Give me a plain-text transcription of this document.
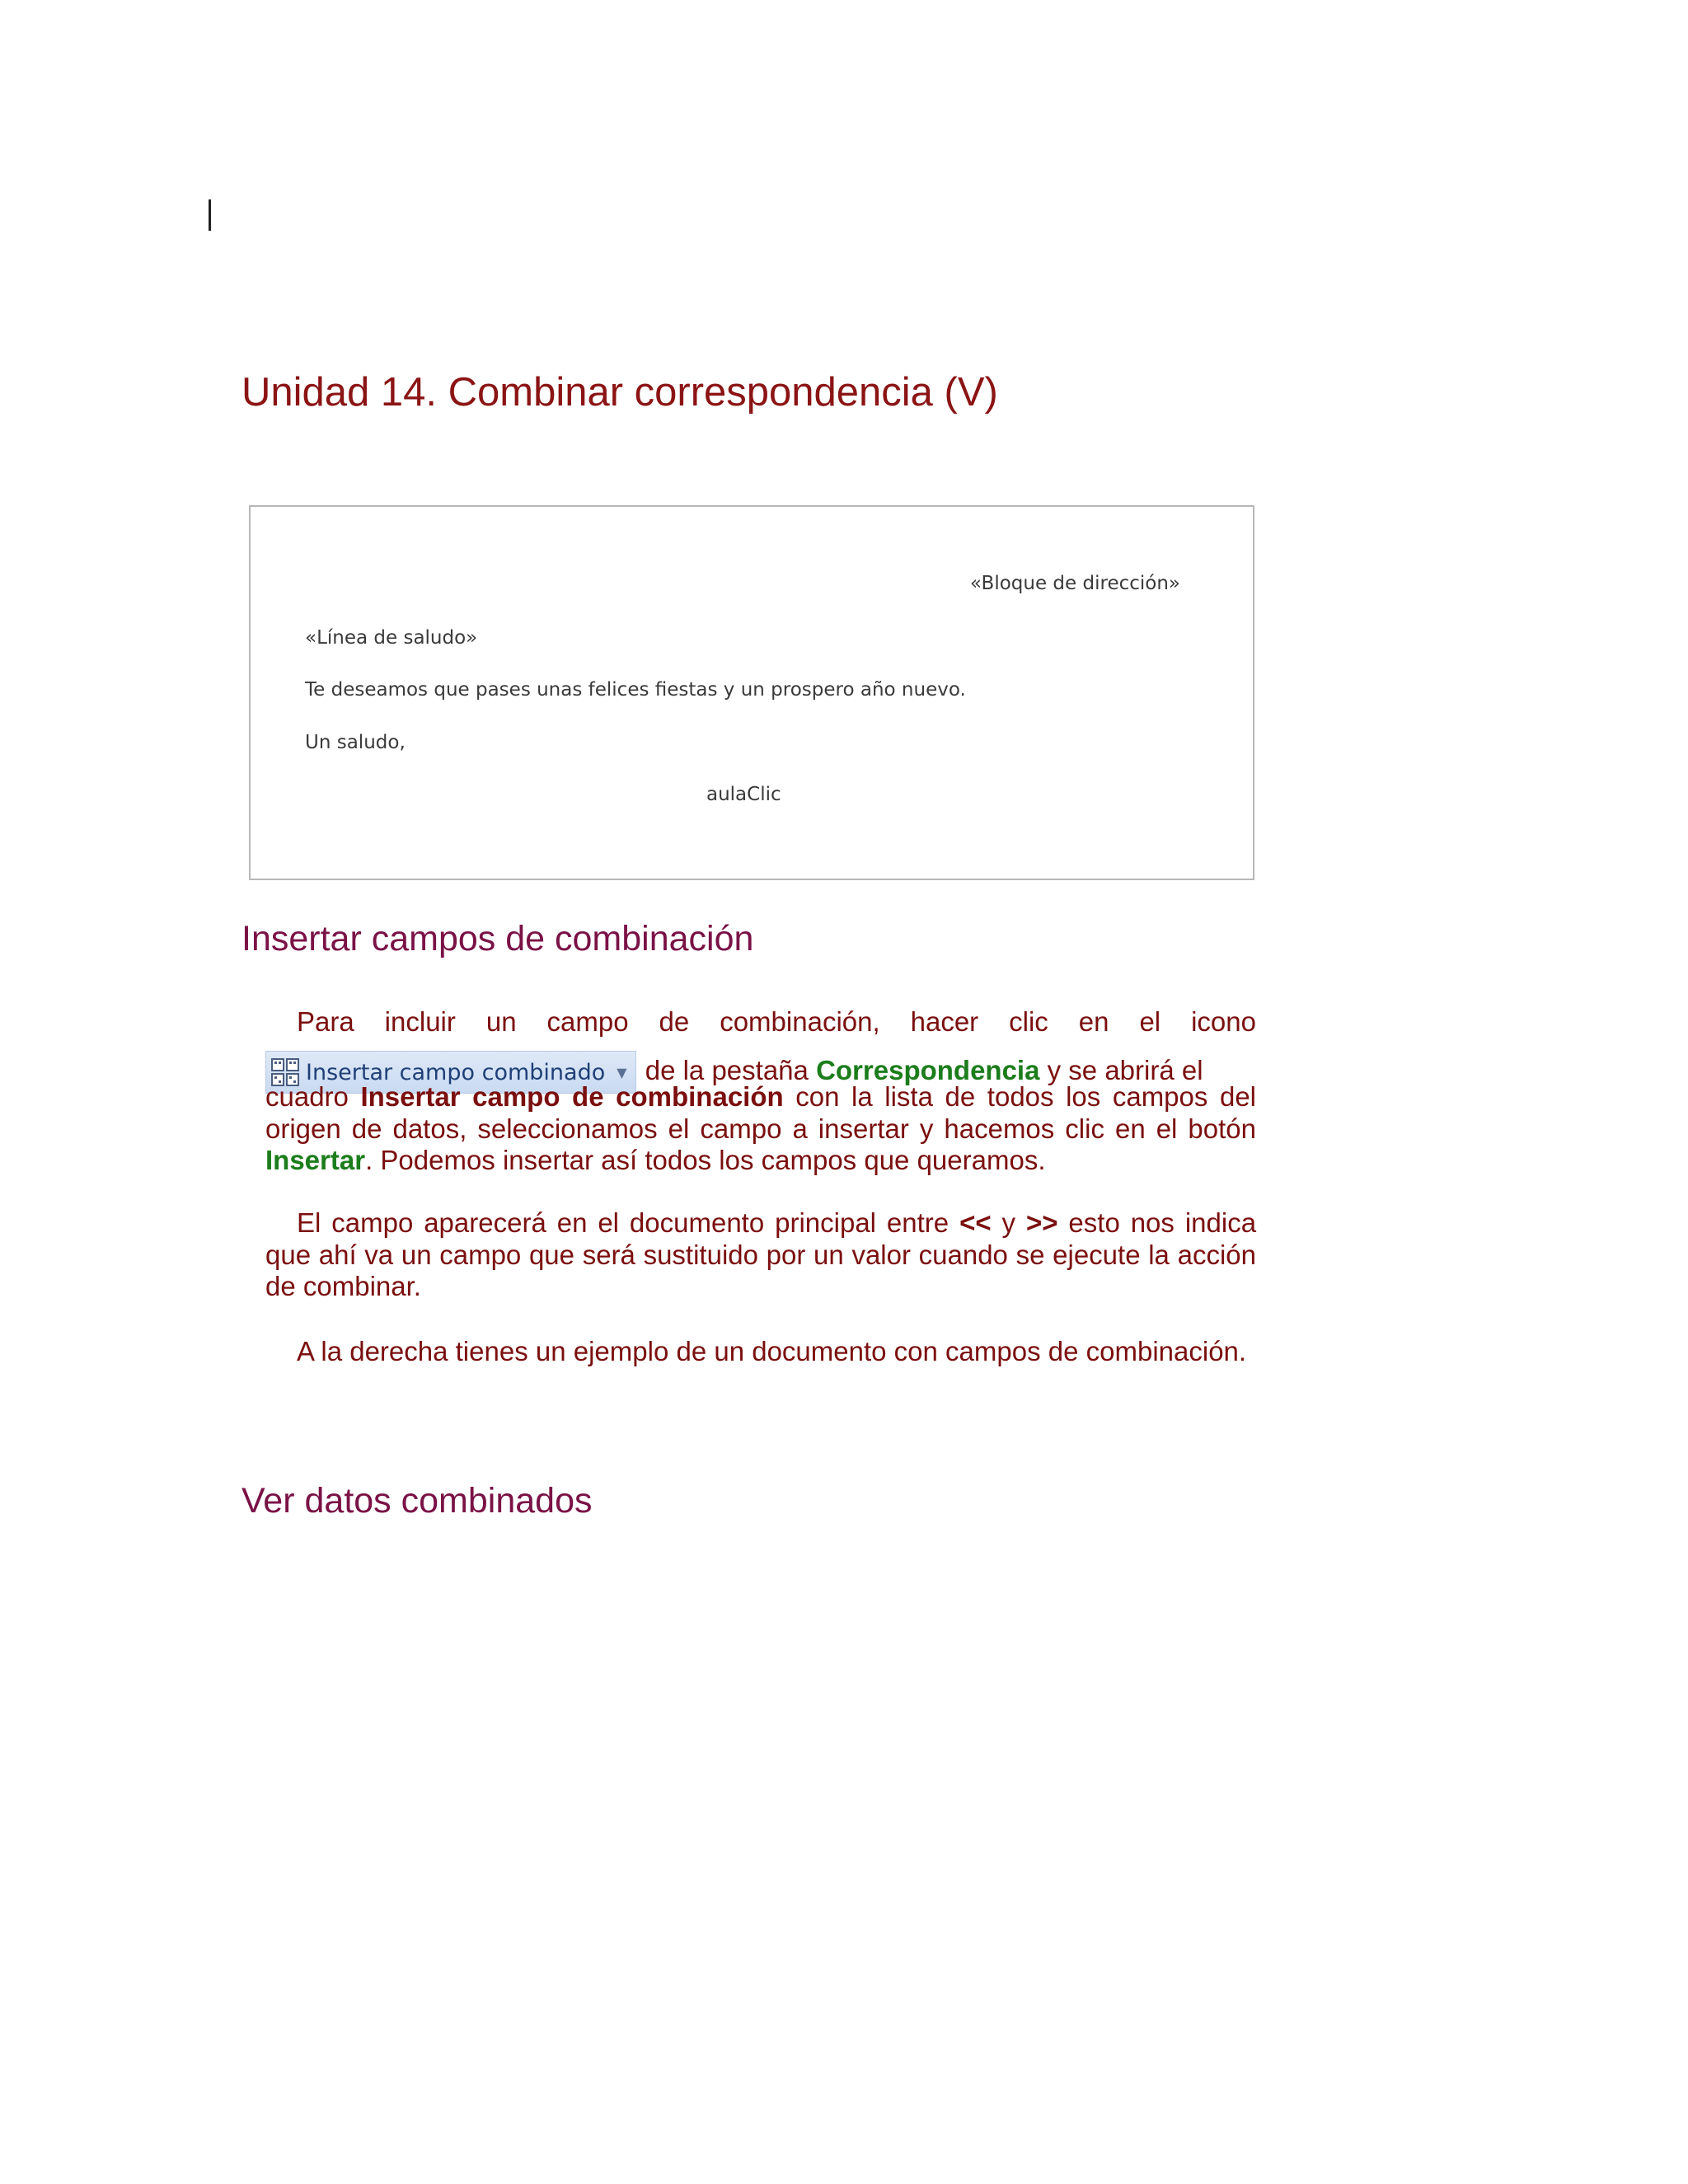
Unidad 14. Combinar correspondencia (V)
«Bloque de dirección»
«Línea de saludo»
Te deseamos que pases unas felices fiestas y un prospero año nuevo.
Un saludo,
aulaClic
Insertar campos de combinación

Para incluir un campo de combinación, hacer clic en el icono
Insertar campo combinado ▼ de la pestaña Correspondencia y se abrirá el

cuadro Insertar campo de combinación con la lista de todos los campos del origen de datos, seleccionamos el campo a insertar y hacemos clic en el botón Insertar. Podemos insertar así todos los campos que queramos.

El campo aparecerá en el documento principal entre << y >> esto nos indica que ahí va un campo que será sustituido por un valor cuando se ejecute la acción de combinar.

A la derecha tienes un ejemplo de un documento con campos de combinación.

Ver datos combinados
